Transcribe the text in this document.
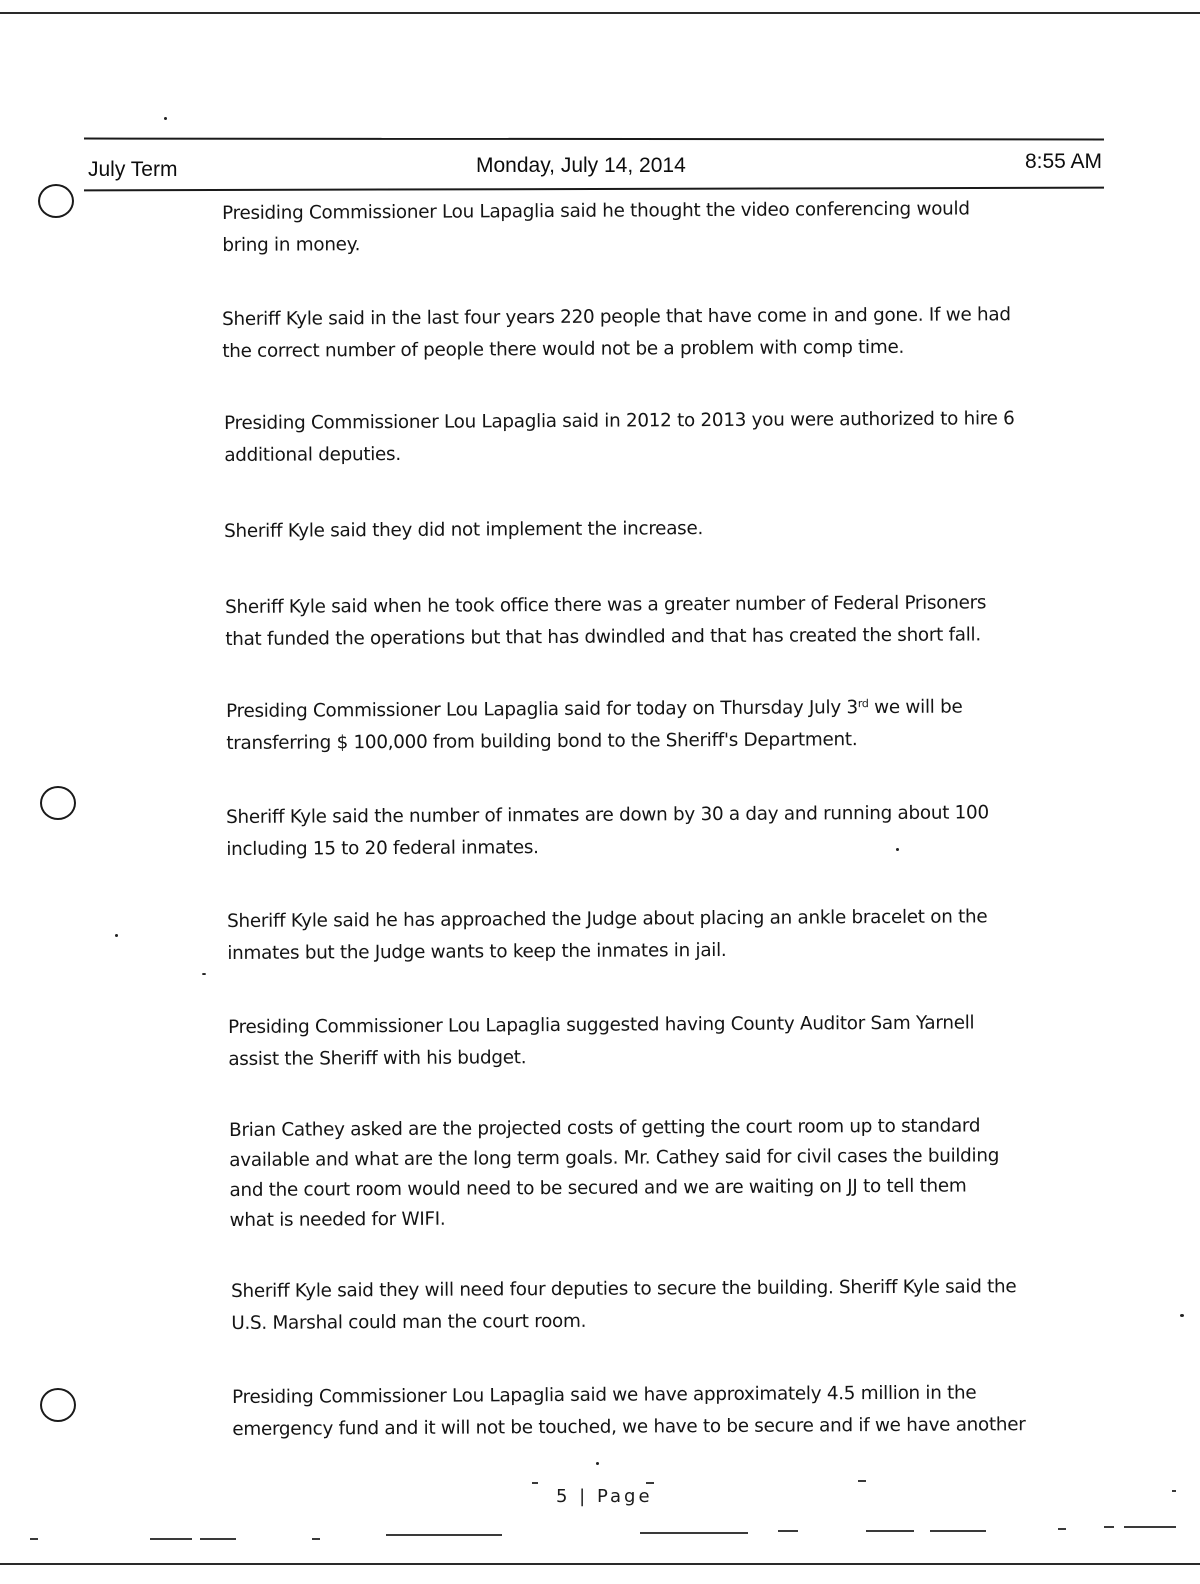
July Term	Monday, July 14, 2014	8:55 AM
Presiding Commissioner Lou Lapaglia said he thought the video conferencing would
bring in money.
Sheriff Kyle said in the last four years 220 people that have come in and gone. If we had
the correct number of people there would not be a problem with comp time.
Presiding Commissioner Lou Lapaglia said in 2012 to 2013 you were authorized to hire 6
additional deputies.
Sheriff Kyle said they did not implement the increase.
Sheriff Kyle said when he took office there was a greater number of Federal Prisoners
that funded the operations but that has dwindled and that has created the short fall.
Presiding Commissioner Lou Lapaglia said for today on Thursday July 3rd we will be
transferring $ 100,000 from building bond to the Sheriff's Department.
Sheriff Kyle said the number of inmates are down by 30 a day and running about 100
including 15 to 20 federal inmates.
Sheriff Kyle said he has approached the Judge about placing an ankle bracelet on the
inmates but the Judge wants to keep the inmates in jail.
Presiding Commissioner Lou Lapaglia suggested having County Auditor Sam Yarnell
assist the Sheriff with his budget.
Brian Cathey asked are the projected costs of getting the court room up to standard
available and what are the long term goals. Mr. Cathey said for civil cases the building
and the court room would need to be secured and we are waiting on JJ to tell them
what is needed for WIFI.
Sheriff Kyle said they will need four deputies to secure the building. Sheriff Kyle said the
U.S. Marshal could man the court room.
Presiding Commissioner Lou Lapaglia said we have approximately 4.5 million in the
emergency fund and it will not be touched, we have to be secure and if we have another
5 | Page
